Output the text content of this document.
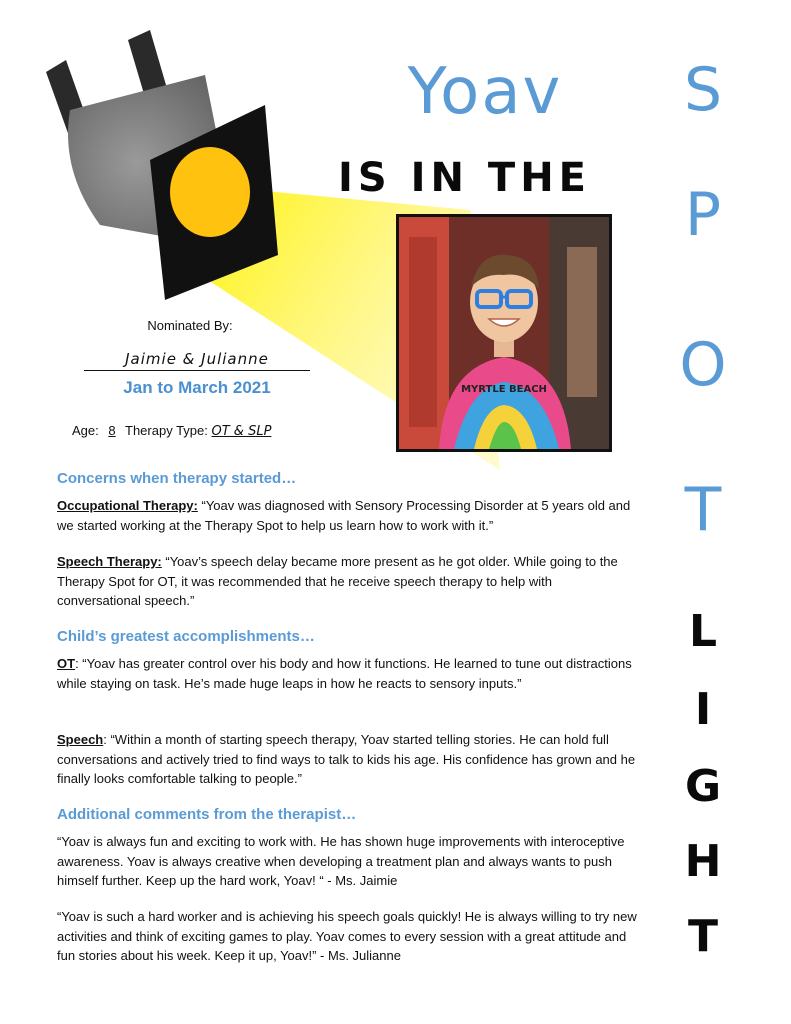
Yoav
IS IN THE
S
P
O
T
L
I
G
H
T
MYRTLE BEACH
Nominated By:
Jaimie & Julianne
Jan to March 2021
Age: 8 Therapy Type: OT & SLP
Concerns when therapy started…
Occupational Therapy: “Yoav was diagnosed with Sensory Processing Disorder at 5 years old and we started working at the Therapy Spot to help us learn how to work with it.”
Speech Therapy: “Yoav’s speech delay became more present as he got older. While going to the Therapy Spot for OT, it was recommended that he receive speech therapy to help with conversational speech.”
Child’s greatest accomplishments…
OT: “Yoav has greater control over his body and how it functions. He learned to tune out distractions while staying on task. He’s made huge leaps in how he reacts to sensory inputs.”
Speech: “Within a month of starting speech therapy, Yoav started telling stories. He can hold full conversations and actively tried to find ways to talk to kids his age. His confidence has grown and he finally looks comfortable talking to people.”
Additional comments from the therapist…
“Yoav is always fun and exciting to work with. He has shown huge improvements with interoceptive awareness. Yoav is always creative when developing a treatment plan and always wants to push himself further. Keep up the hard work, Yoav! “ - Ms. Jaimie
“Yoav is such a hard worker and is achieving his speech goals quickly! He is always willing to try new activities and think of exciting games to play. Yoav comes to every session with a great attitude and fun stories about his week. Keep it up, Yoav!” - Ms. Julianne
